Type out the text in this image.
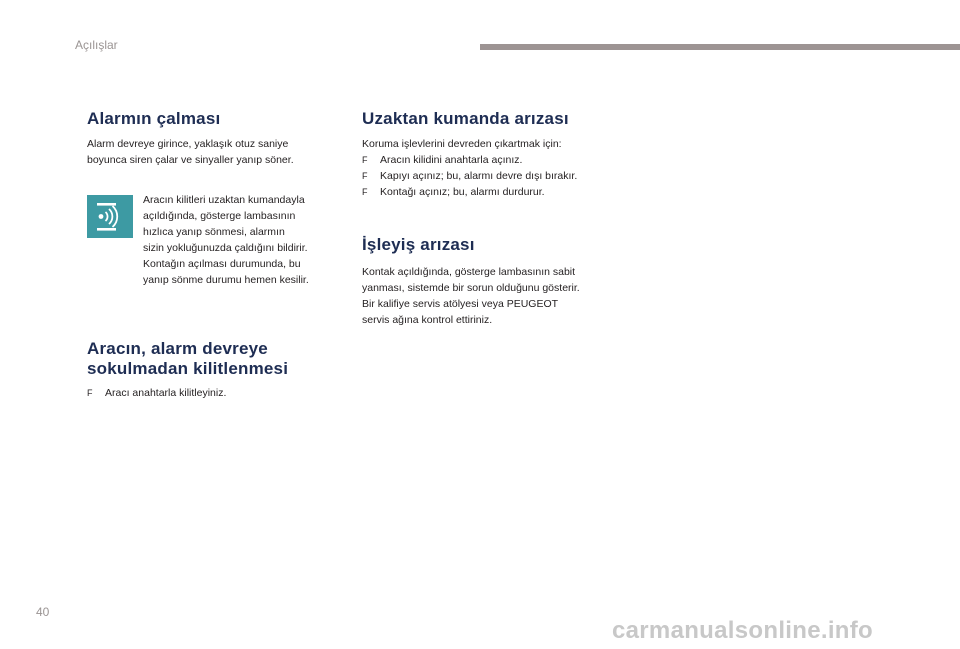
Açılışlar
Alarmın çalması
Alarm devreye girince, yaklaşık otuz saniye
boyunca siren çalar ve sinyaller yanıp söner.
Aracın kilitleri uzaktan kumandayla
açıldığında, gösterge lambasının
hızlıca yanıp sönmesi, alarmın
sizin yokluğunuzda çaldığını bildirir.
Kontağın açılması durumunda, bu
yanıp sönme durumu hemen kesilir.
Aracın, alarm devreye
sokulmadan kilitlenmesi
F Aracı anahtarla kilitleyiniz.
Uzaktan kumanda arızası
Koruma işlevlerini devreden çıkartmak için:
F Aracın kilidini anahtarla açınız.
F Kapıyı açınız; bu, alarmı devre dışı bırakır.
F Kontağı açınız; bu, alarmı durdurur.
İşleyiş arızası
Kontak açıldığında, gösterge lambasının sabit
yanması, sistemde bir sorun olduğunu gösterir.
Bir kalifiye servis atölyesi veya PEUGEOT
servis ağına kontrol ettiriniz.
40
carmanualsonline.info
